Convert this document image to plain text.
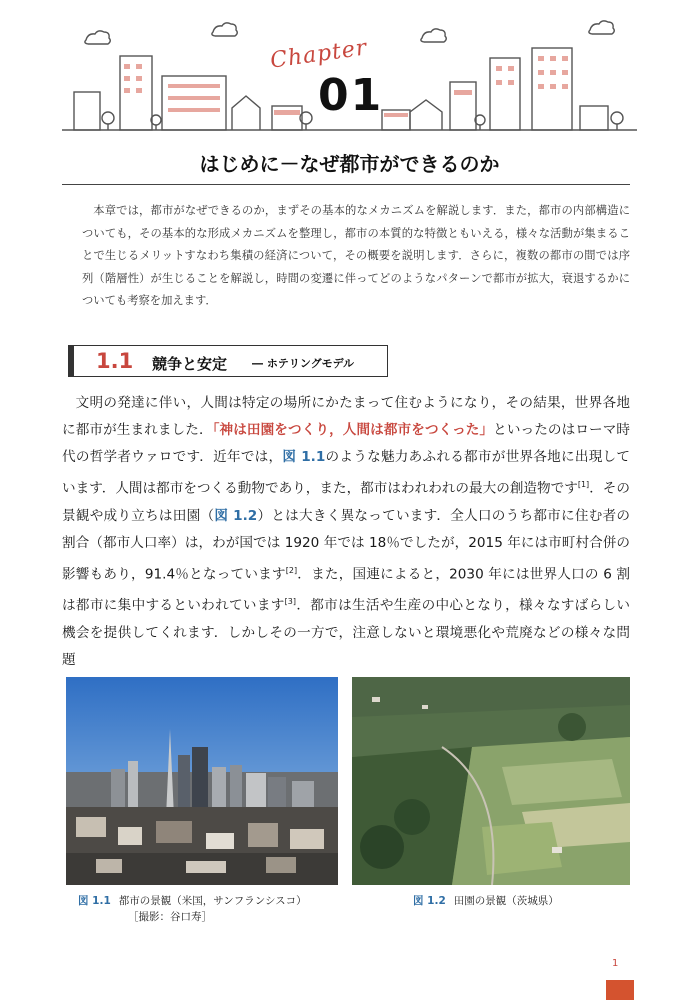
Chapter
01
はじめに－なぜ都市ができるのか

本章では，都市がなぜできるのか，まずその基本的なメカニズムを解説します．また，都市の内部構造についても，その基本的な形成メカニズムを整理し，都市の本質的な特徴ともいえる，様々な活動が集まることで生じるメリットすなわち集積の経済について，その概要を説明します．さらに，複数の都市の間では序列（階層性）が生じることを解説し，時間の変遷に伴ってどのようなパターンで都市が拡大，衰退するかについても考察を加えます．

1.1 競争と安定 ― ホテリングモデル

文明の発達に伴い，人間は特定の場所にかたまって住むようになり，その結果，世界各地に都市が生まれました．「神は田園をつくり，人間は都市をつくった」といったのはローマ時代の哲学者ウァロです．近年では，図 1.1のような魅力あふれる都市が世界各地に出現しています．人間は都市をつくる動物であり，また，都市はわれわれの最大の創造物です[1]．その景観や成り立ちは田園（図 1.2）とは大きく異なっています．全人口のうち都市に住む者の割合（都市人口率）は，わが国では 1920 年では 18％でしたが，2015 年には市町村合併の影響もあり，91.4％となっています[2]．また，国連によると，2030 年には世界人口の 6 割は都市に集中するといわれています[3]．都市は生活や生産の中心となり，様々なすばらしい機会を提供してくれます．しかしその一方で，注意しないと環境悪化や荒廃などの様々な問題

図 1.1 都市の景観（米国，サンフランシスコ）
［撮影：谷口寿］
図 1.2 田園の景観（茨城県）
1
